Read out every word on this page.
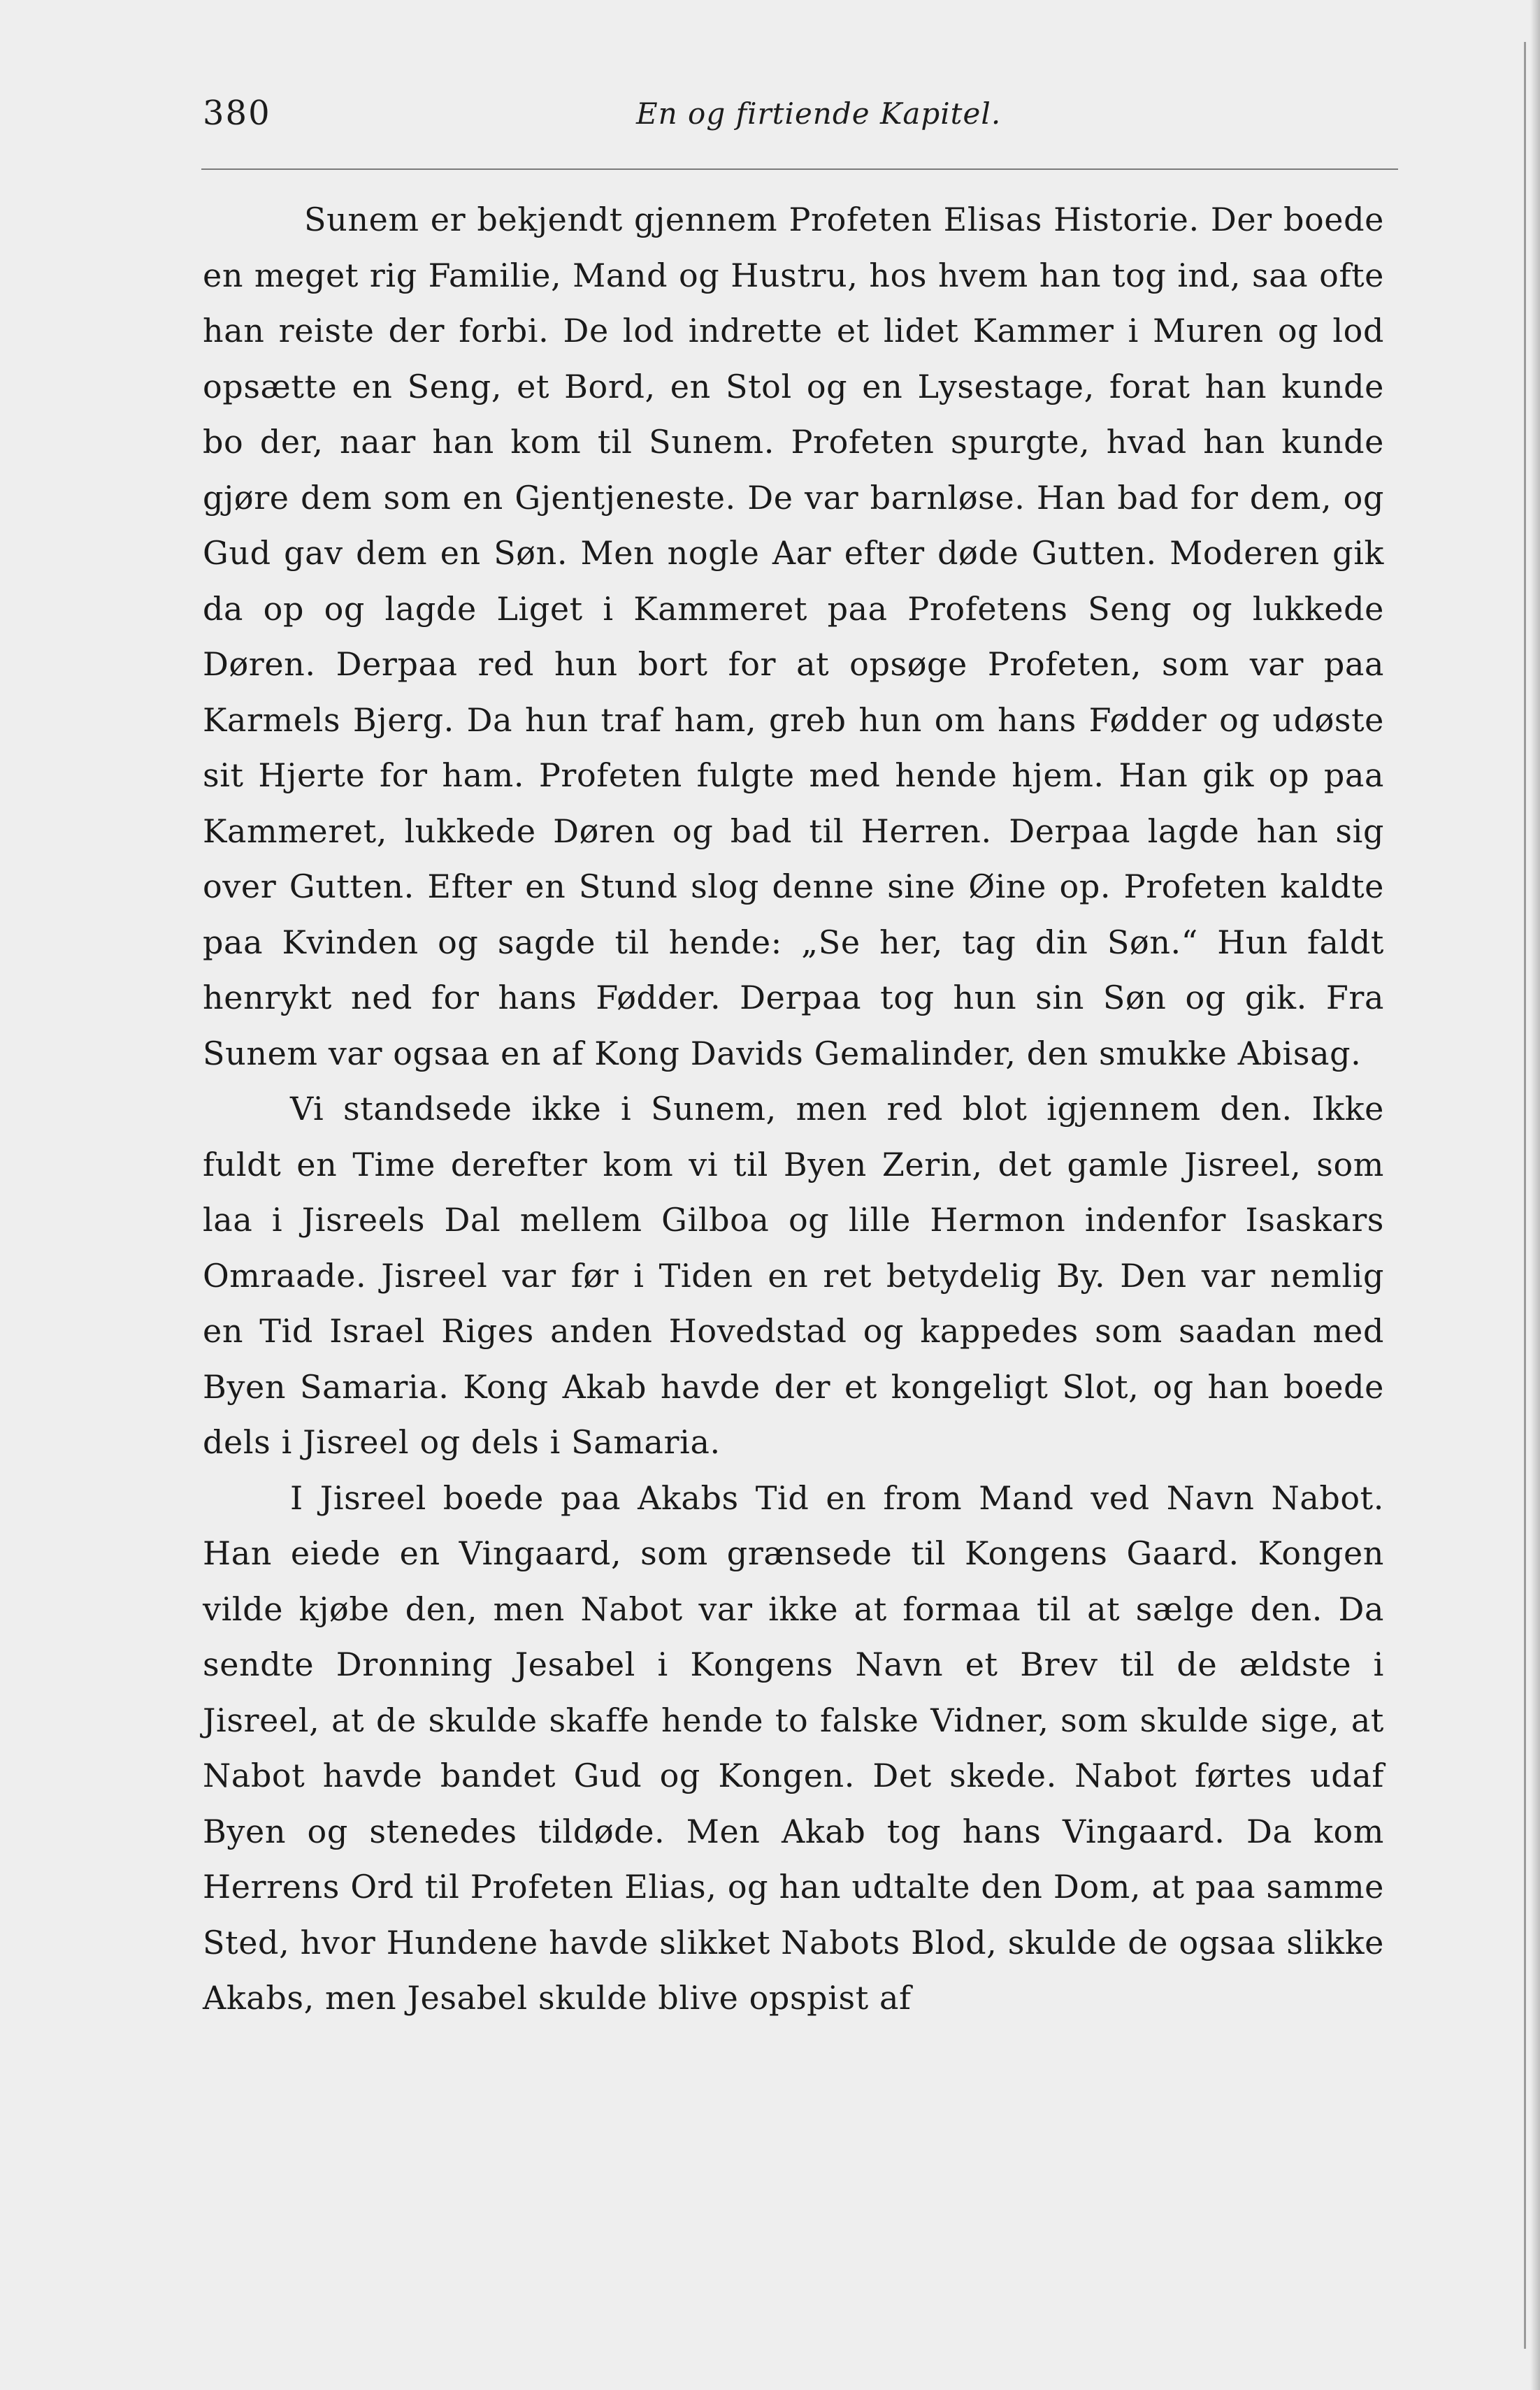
380	En og firtiende Kapitel.

Sunem er bekjendt gjennem Profeten Elisas Historie. Der boede en meget rig Familie, Mand og Hustru, hos hvem han tog ind, saa ofte han reiste der forbi. De lod indrette et lidet Kammer i Muren og lod opsætte en Seng, et Bord, en Stol og en Lysestage, forat han kunde bo der, naar han kom til Sunem. Profeten spurgte, hvad han kunde gjøre dem som en Gjentjeneste. De var barnløse. Han bad for dem, og Gud gav dem en Søn. Men nogle Aar efter døde Gutten. Moderen gik da op og lagde Liget i Kammeret paa Profetens Seng og lukkede Døren. Derpaa red hun bort for at opsøge Profeten, som var paa Karmels Bjerg. Da hun traf ham, greb hun om hans Fødder og udøste sit Hjerte for ham. Profeten fulgte med hende hjem. Han gik op paa Kammeret, lukkede Døren og bad til Herren. Derpaa lagde han sig over Gutten. Efter en Stund slog denne sine Øine op. Profeten kaldte paa Kvinden og sagde til hende: „Se her, tag din Søn.“ Hun faldt henrykt ned for hans Fødder. Derpaa tog hun sin Søn og gik. Fra Sunem var ogsaa en af Kong Davids Gemalinder, den smukke Abisag.

Vi standsede ikke i Sunem, men red blot igjennem den. Ikke fuldt en Time derefter kom vi til Byen Zerin, det gamle Jisreel, som laa i Jisreels Dal mellem Gilboa og lille Hermon indenfor Isaskars Omraade. Jisreel var før i Tiden en ret betydelig By. Den var nemlig en Tid Israel Riges anden Hovedstad og kappedes som saadan med Byen Samaria. Kong Akab havde der et kongeligt Slot, og han boede dels i Jisreel og dels i Samaria.

I Jisreel boede paa Akabs Tid en from Mand ved Navn Nabot. Han eiede en Vingaard, som grænsede til Kongens Gaard. Kongen vilde kjøbe den, men Nabot var ikke at formaa til at sælge den. Da sendte Dronning Jesabel i Kongens Navn et Brev til de ældste i Jisreel, at de skulde skaffe hende to falske Vidner, som skulde sige, at Nabot havde bandet Gud og Kongen. Det skede. Nabot førtes udaf Byen og stenedes tildøde. Men Akab tog hans Vingaard. Da kom Herrens Ord til Profeten Elias, og han udtalte den Dom, at paa samme Sted, hvor Hundene havde slikket Nabots Blod, skulde de ogsaa slikke Akabs, men Jesabel skulde blive opspist af
